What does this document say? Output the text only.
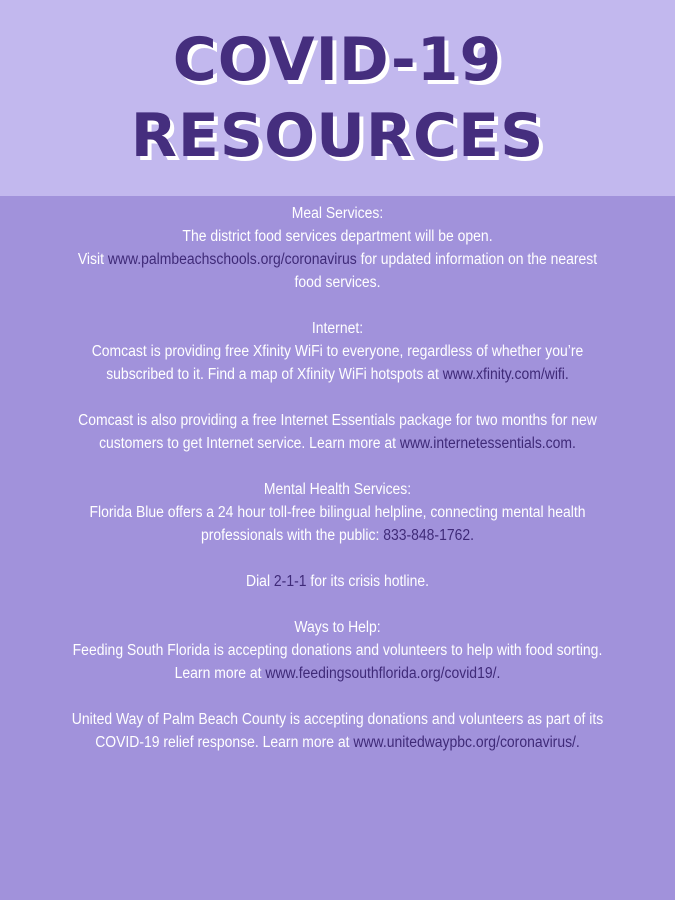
COVID-19
RESOURCES
Meal Services:
The district food services department will be open.
Visit www.palmbeachschools.org/coronavirus for updated information on the nearest
food services.
Internet:
Comcast is providing free Xfinity WiFi to everyone, regardless of whether you’re
subscribed to it. Find a map of Xfinity WiFi hotspots at www.xfinity.com/wifi.
Comcast is also providing a free Internet Essentials package for two months for new
customers to get Internet service. Learn more at www.internetessentials.com.
Mental Health Services:
Florida Blue offers a 24 hour toll-free bilingual helpline, connecting mental health
professionals with the public: 833-848-1762.
Dial 2-1-1 for its crisis hotline.
Ways to Help:
Feeding South Florida is accepting donations and volunteers to help with food sorting.
Learn more at www.feedingsouthflorida.org/covid19/.
United Way of Palm Beach County is accepting donations and volunteers as part of its
COVID-19 relief response. Learn more at www.unitedwaypbc.org/coronavirus/.
